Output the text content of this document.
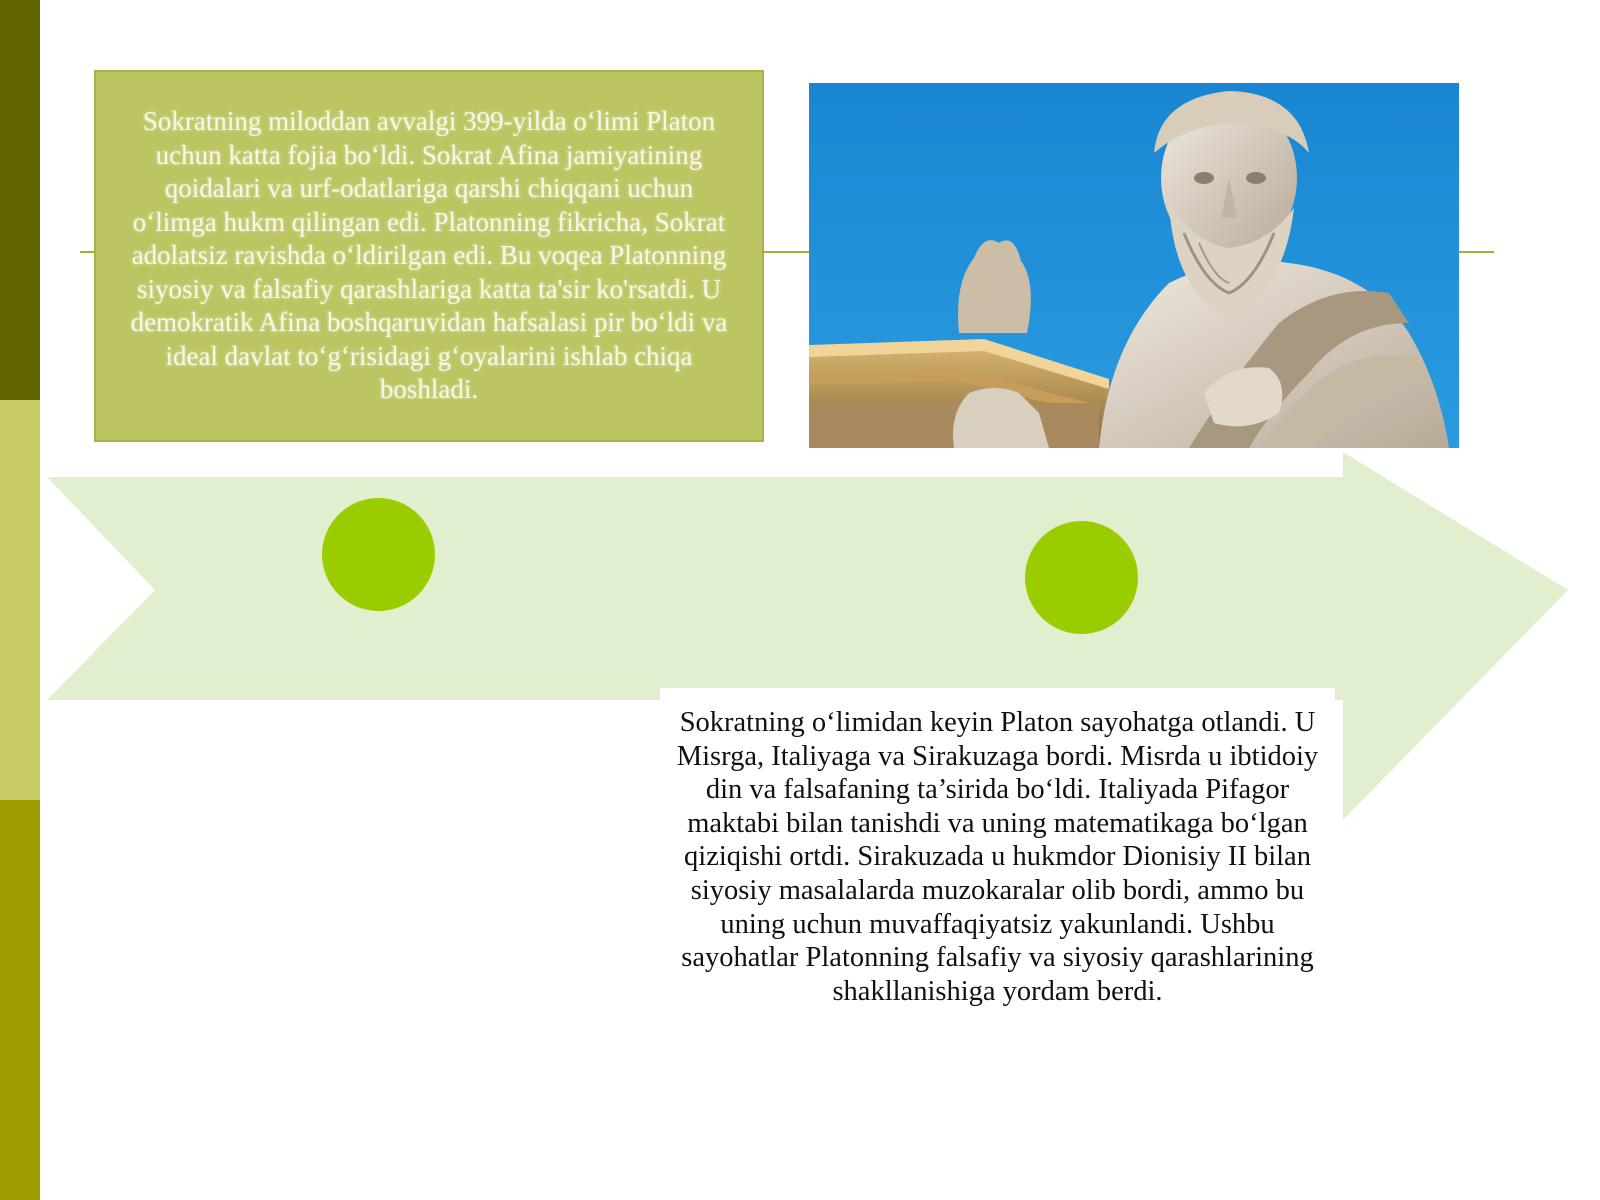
Sokratning miloddan avvalgi 399-yilda o‘limi Platon uchun katta fojia bo‘ldi. Sokrat Afina jamiyatining qoidalari va urf-odatlariga qarshi chiqqani uchun o‘limga hukm qilingan edi. Platonning fikricha, Sokrat adolatsiz ravishda o‘ldirilgan edi. Bu voqea Platonning siyosiy va falsafiy qarashlariga katta ta'sir ko'rsatdi. U demokratik Afina boshqaruvidan hafsalasi pir bo‘ldi va ideal davlat to‘g‘risidagi g‘oyalarini ishlab chiqa boshladi.

Sokratning o‘limidan keyin Platon sayohatga otlandi. U Misrga, Italiyaga va Sirakuzaga bordi. Misrda u ibtidoiy din va falsafaning ta’sirida bo‘ldi. Italiyada Pifagor maktabi bilan tanishdi va uning matematikaga bo‘lgan qiziqishi ortdi. Sirakuzada u hukmdor Dionisiy II bilan siyosiy masalalarda muzokaralar olib bordi, ammo bu uning uchun muvaffaqiyatsiz yakunlandi. Ushbu sayohatlar Platonning falsafiy va siyosiy qarashlarining shakllanishiga yordam berdi.
